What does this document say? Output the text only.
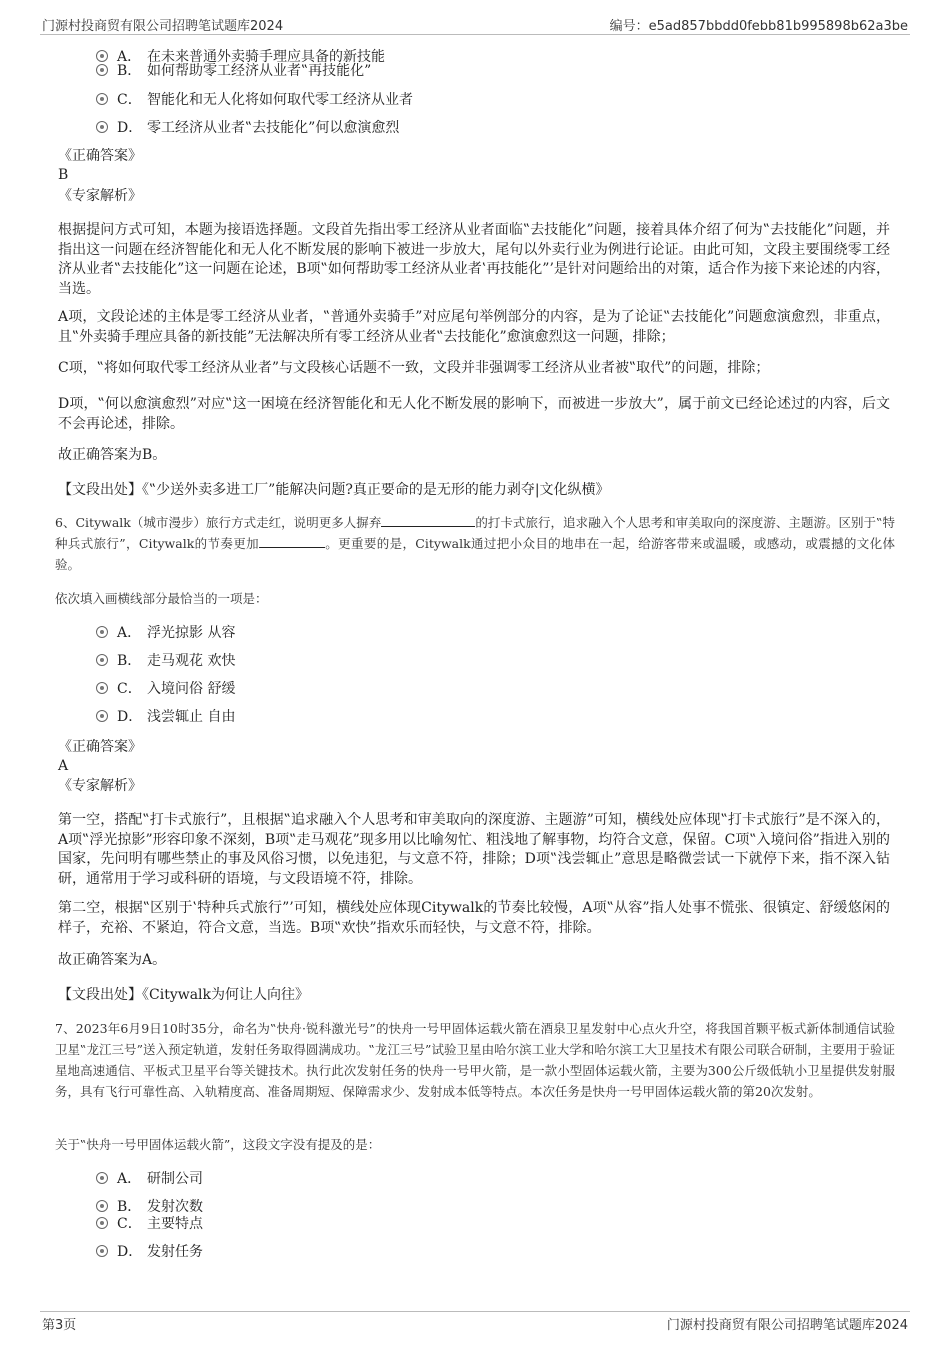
门源村投商贸有限公司招聘笔试题库2024	编号：e5ad857bbdd0febb81b995898b62a3be
A． 在未来普通外卖骑手理应具备的新技能
B． 如何帮助零工经济从业者‟再技能化”
C． 智能化和无人化将如何取代零工经济从业者
D． 零工经济从业者‟去技能化”何以愈演愈烈
《正确答案》
B
《专家解析》
根据提问方式可知，本题为接语选择题。文段首先指出零工经济从业者面临‟去技能化”问题，接着具体介绍了何为‟去技能化”问题，并指出这一问题在经济智能化和无人化不断发展的影响下被进一步放大，尾句以外卖行业为例进行论证。由此可知，文段主要围绕零工经济从业者‟去技能化”这一问题在论述，B项‟如何帮助零工经济从业者‛再技能化”’是针对问题给出的对策，适合作为接下来论述的内容，当选。
A项，文段论述的主体是零工经济从业者，‟普通外卖骑手”对应尾句举例部分的内容，是为了论证‟去技能化”问题愈演愈烈，非重点，且‟外卖骑手理应具备的新技能”无法解决所有零工经济从业者‟去技能化”愈演愈烈这一问题，排除；
C项，‟将如何取代零工经济从业者”与文段核心话题不一致，文段并非强调零工经济从业者被‟取代”的问题，排除；
D项，‟何以愈演愈烈”对应‟这一困境在经济智能化和无人化不断发展的影响下，而被进一步放大”，属于前文已经论述过的内容，后文不会再论述，排除。
故正确答案为B。
【文段出处】《‟少送外卖多进工厂”能解决问题?真正要命的是无形的能力剥夺|文化纵横》
6、Citywalk（城市漫步）旅行方式走红，说明更多人摒弃	的打卡式旅行，追求融入个人思考和审美取向的深度游、主题游。区别于‟特种兵式旅行”，Citywalk的节奏更加	。更重要的是，Citywalk通过把小众目的地串在一起，给游客带来或温暖，或感动，或震撼的文化体验。
依次填入画横线部分最恰当的一项是：
A． 浮光掠影 从容
B． 走马观花 欢快
C． 入境问俗 舒缓
D． 浅尝辄止 自由
《正确答案》
A
《专家解析》
第一空，搭配‟打卡式旅行”，且根据‟追求融入个人思考和审美取向的深度游、主题游”可知，横线处应体现‟打卡式旅行”是不深入的，A项‟浮光掠影”形容印象不深刻，B项‟走马观花”现多用以比喻匆忙、粗浅地了解事物，均符合文意，保留。C项‟入境问俗”指进入别的国家，先问明有哪些禁止的事及风俗习惯，以免违犯，与文意不符，排除；D项‟浅尝辄止”意思是略微尝试一下就停下来，指不深入钻研，通常用于学习或科研的语境，与文段语境不符，排除。
第二空，根据‟区别于‛特种兵式旅行”’可知，横线处应体现Citywalk的节奏比较慢，A项‟从容”指人处事不慌张、很镇定、舒缓悠闲的样子，充裕、不紧迫，符合文意，当选。B项‟欢快”指欢乐而轻快，与文意不符，排除。
故正确答案为A。
【文段出处】《Citywalk为何让人向往》
7、2023年6月9日10时35分，命名为‟快舟·锐科激光号”的快舟一号甲固体运载火箭在酒泉卫星发射中心点火升空，将我国首颗平板式新体制通信试验卫星‟龙江三号”送入预定轨道，发射任务取得圆满成功。‟龙江三号”试验卫星由哈尔滨工业大学和哈尔滨工大卫星技术有限公司联合研制，主要用于验证星地高速通信、平板式卫星平台等关键技术。执行此次发射任务的快舟一号甲火箭，是一款小型固体运载火箭，主要为300公斤级低轨小卫星提供发射服务，具有飞行可靠性高、入轨精度高、准备周期短、保障需求少、发射成本低等特点。本次任务是快舟一号甲固体运载火箭的第20次发射。
关于‟快舟一号甲固体运载火箭”，这段文字没有提及的是：
A． 研制公司
B． 发射次数
C． 主要特点
D． 发射任务
第3页	门源村投商贸有限公司招聘笔试题库2024
